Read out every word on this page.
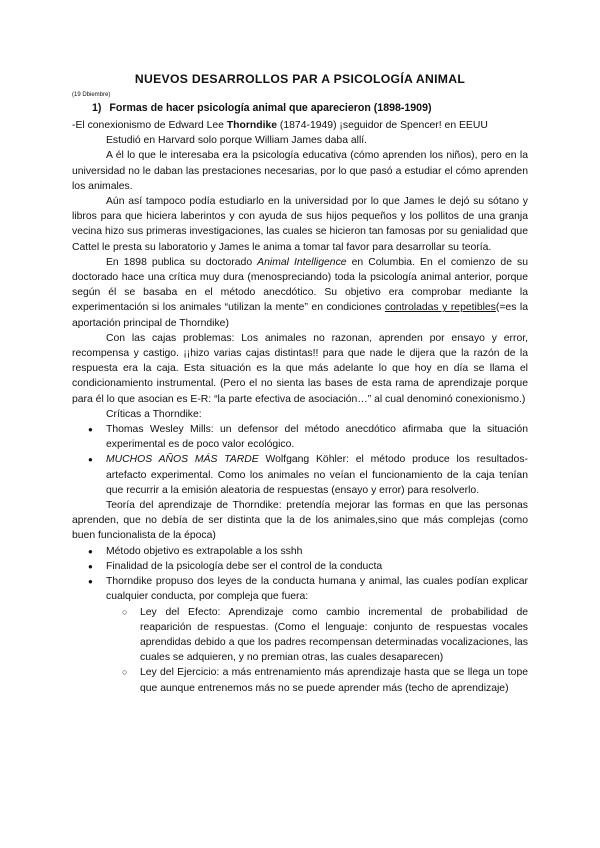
NUEVOS DESARROLLOS PAR A PSICOLOGÍA ANIMAL
(19 Dbiembre)
1) Formas de hacer psicología animal que aparecieron (1898-1909)

-El conexionismo de Edward Lee Thorndike (1874-1949) ¡seguidor de Spencer! en EEUU

Estudió en Harvard solo porque William James daba allí.

A él lo que le interesaba era la psicología educativa (cómo aprenden los niños), pero en la universidad no le daban las prestaciones necesarias, por lo que pasó a estudiar el cómo aprenden los animales.

Aún así tampoco podía estudiarlo en la universidad por lo que James le dejó su sótano y libros para que hiciera laberintos y con ayuda de sus hijos pequeños y los pollitos de una granja vecina hizo sus primeras investigaciones, las cuales se hicieron tan famosas por su genialidad que Cattel le presta su laboratorio y James le anima a tomar tal favor para desarrollar su teoría.

En 1898 publica su doctorado Animal Intelligence en Columbia. En el comienzo de su doctorado hace una crítica muy dura (menospreciando) toda la psicología animal anterior, porque según él se basaba en el método anecdótico. Su objetivo era comprobar mediante la experimentación si los animales “utilizan la mente” en condiciones controladas y repetibles(=es la aportación principal de Thorndike)

Con las cajas problemas: Los animales no razonan, aprenden por ensayo y error, recompensa y castigo. ¡¡hizo varias cajas distintas!! para que nade le dijera que la razón de la respuesta era la caja. Esta situación es la que más adelante lo que hoy en día se llama el condicionamiento instrumental. (Pero el no sienta las bases de esta rama de aprendizaje porque para él lo que asocian es E-R: “la parte efectiva de asociación…” al cual denominó conexionismo.)

Críticas a Thorndike:

● Thomas Wesley Mills: un defensor del método anecdótico afirmaba que la situación experimental es de poco valor ecológico.
● MUCHOS AÑOS MÁS TARDE Wolfgang Köhler: el método produce los resultados-artefacto experimental. Como los animales no veían el funcionamiento de la caja tenían que recurrir a la emisión aleatoria de respuestas (ensayo y error) para resolverlo.

Teoría del aprendizaje de Thorndike: pretendía mejorar las formas en que las personas aprenden, que no debía de ser distinta que la de los animales,sino que más complejas (como buen funcionalista de la época)

● Método objetivo es extrapolable a los sshh
● Finalidad de la psicología debe ser el control de la conducta
● Thorndike propuso dos leyes de la conducta humana y animal, las cuales podían explicar cualquier conducta, por compleja que fuera:
○ Ley del Efecto: Aprendizaje como cambio incremental de probabilidad de reaparición de respuestas. (Como el lenguaje: conjunto de respuestas vocales aprendidas debido a que los padres recompensan determinadas vocalizaciones, las cuales se adquieren, y no premian otras, las cuales desaparecen)
○ Ley del Ejercicio: a más entrenamiento más aprendizaje hasta que se llega un tope que aunque entrenemos más no se puede aprender más (techo de aprendizaje)
